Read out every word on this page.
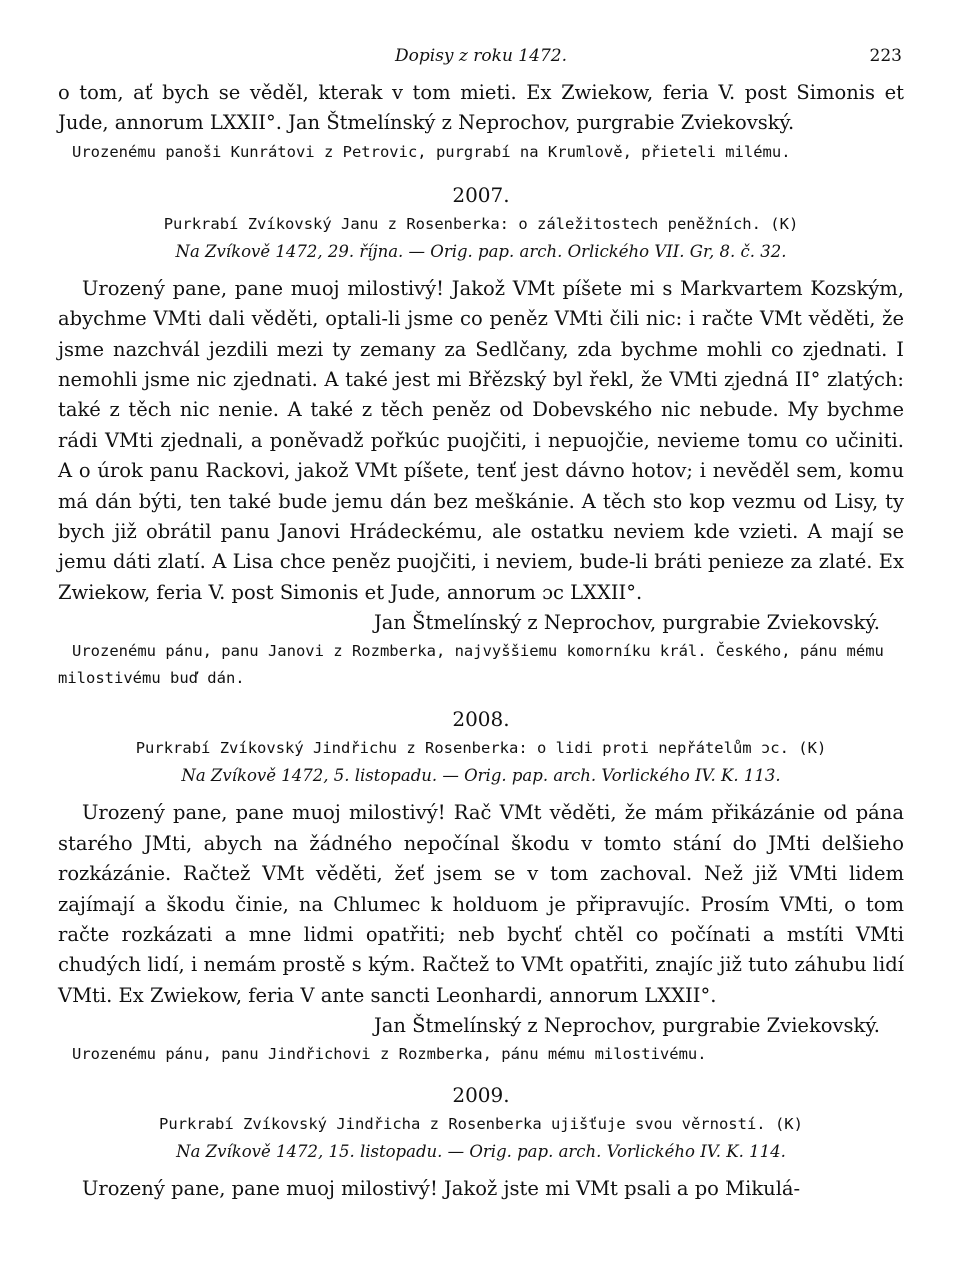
Dopisy z roku 1472.	223

o tom, ať bych se věděl, kterak v tom mieti. Ex Zwiekow, feria V. post Simonis et Jude, annorum LXXII°. Jan Štmelínský z Neprochov, purgrabie Zviekovský.

Urozenému panoši Kunrátovi z Petrovic, purgrabí na Krumlově, přieteli milému.

2007.

Purkrabí Zvíkovský Janu z Rosenberka: o záležitostech peněžních. (K)

Na Zvíkově 1472, 29. října. — Orig. pap. arch. Orlického VII. Gr, 8. č. 32.

Urozený pane, pane muoj milostivý! Jakož VMt píšete mi s Markvartem Kozským, abychme VMti dali věděti, optali-li jsme co peněz VMti čili nic: i račte VMt věděti, že jsme nazchvál jezdili mezi ty zemany za Sedlčany, zda bychme mohli co zjednati. I nemohli jsme nic zjednati. A také jest mi Břězský byl řekl, že VMti zjedná II° zlatých: také z těch nic nenie. A také z těch peněz od Dobevského nic nebude. My bychme rádi VMti zjednali, a poněvadž pořkúc puojčiti, i nepuojčie, nevieme tomu co učiniti. A o úrok panu Rackovi, jakož VMt píšete, tenť jest dávno hotov; i nevěděl sem, komu má dán býti, ten také bude jemu dán bez meškánie. A těch sto kop vezmu od Lisy, ty bych již obrátil panu Janovi Hrádeckému, ale ostatku neviem kde vzieti. A mají se jemu dáti zlatí. A Lisa chce peněz puojčiti, i neviem, bude-li bráti penieze za zlaté. Ex Zwiekow, feria V. post Simonis et Jude, annorum ɔc LXXII°.

Jan Štmelínský z Neprochov, purgrabie Zviekovský.

Urozenému pánu, panu Janovi z Rozmberka, najvyššiemu komorníku král. Českého, pánu mému milostivému buď dán.

2008.

Purkrabí Zvíkovský Jindřichu z Rosenberka: o lidi proti nepřátelům ɔc. (K)

Na Zvíkově 1472, 5. listopadu. — Orig. pap. arch. Vorlického IV. K. 113.

Urozený pane, pane muoj milostivý! Rač VMt věděti, že mám přikázánie od pána starého JMti, abych na žádného nepočínal škodu v tomto stání do JMti delšieho rozkázánie. Račtež VMt věděti, žeť jsem se v tom zachoval. Než již VMti lidem zajímají a škodu činie, na Chlumec k holduom je připravujíc. Prosím VMti, o tom račte rozkázati a mne lidmi opatřiti; neb bychť chtěl co počínati a mstíti VMti chudých lidí, i nemám prostě s kým. Račtež to VMt opatřiti, znajíc již tuto záhubu lidí VMti. Ex Zwiekow, feria V ante sancti Leonhardi, annorum LXXII°.

Jan Štmelínský z Neprochov, purgrabie Zviekovský.

Urozenému pánu, panu Jindřichovi z Rozmberka, pánu mému milostivému.

2009.

Purkrabí Zvíkovský Jindřicha z Rosenberka ujišťuje svou věrností. (K)

Na Zvíkově 1472, 15. listopadu. — Orig. pap. arch. Vorlického IV. K. 114.

Urozený pane, pane muoj milostivý! Jakož jste mi VMt psali a po Mikulá-
